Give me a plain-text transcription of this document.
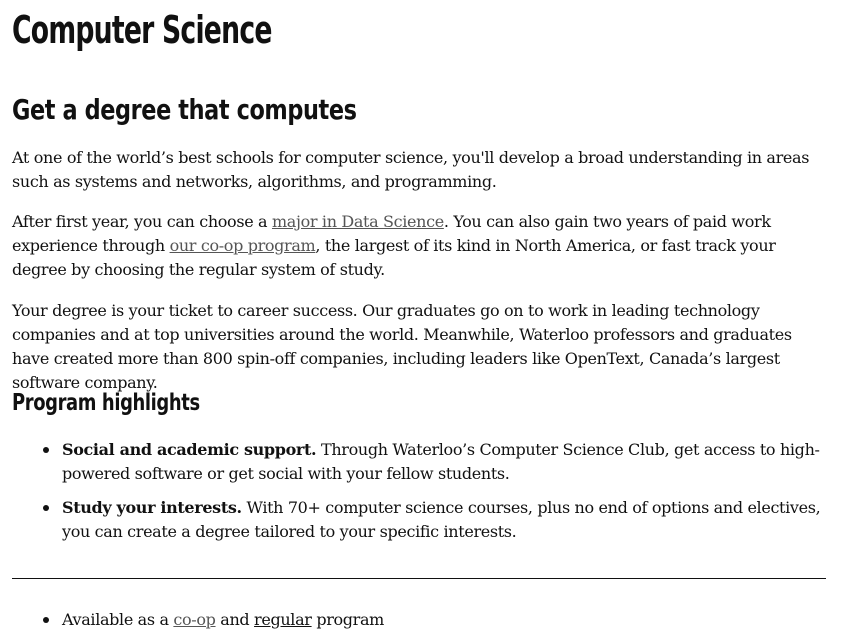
Computer Science
Get a degree that computes

At one of the world’s best schools for computer science, you'll develop a broad understanding in areas such as systems and networks, algorithms, and programming.

After first year, you can choose a major in Data Science. You can also gain two years of paid work experience through our co-op program, the largest of its kind in North America, or fast track your degree by choosing the regular system of study.

Your degree is your ticket to career success. Our graduates go on to work in leading technology companies and at top universities around the world. Meanwhile, Waterloo professors and graduates have created more than 800 spin-off companies, including leaders like OpenText, Canada’s largest software company.

Program highlights
Social and academic support. Through Waterloo’s Computer Science Club, get access to high-powered software or get social with your fellow students.
Study your interests. With 70+ computer science courses, plus no end of options and electives, you can create a degree tailored to your specific interests.
Available as a co-op and regular program
